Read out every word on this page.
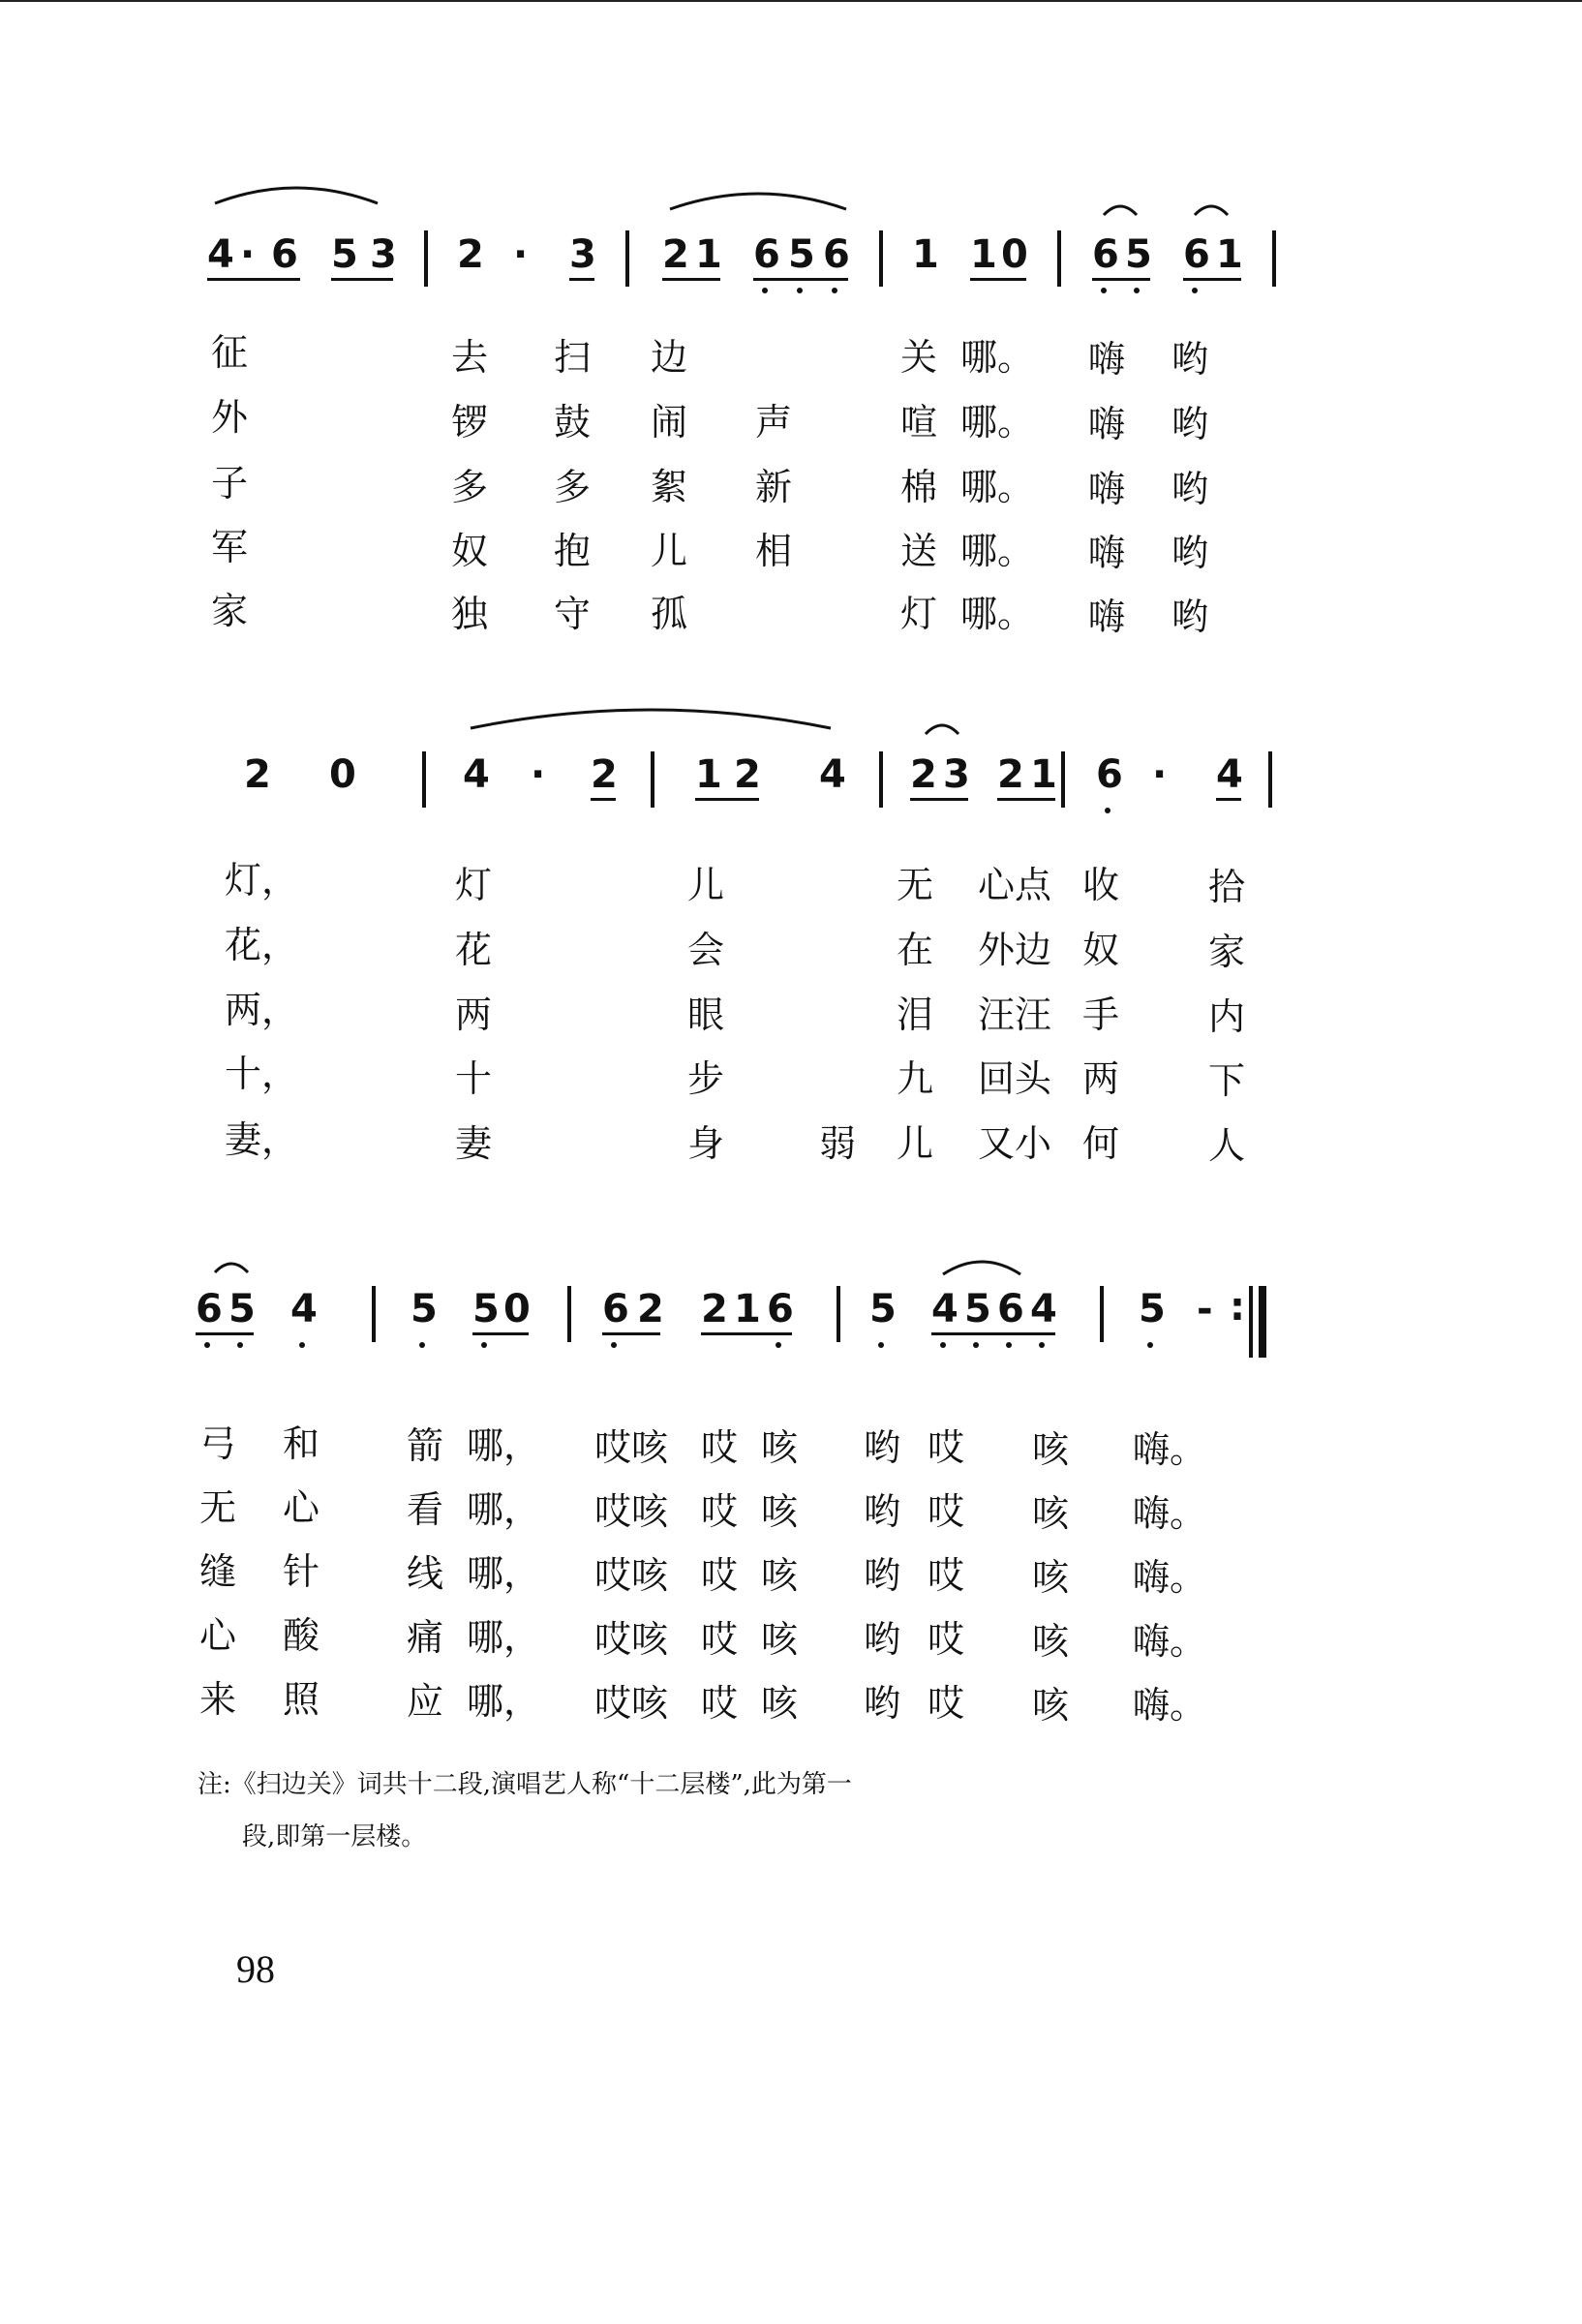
4 · 6 5 3 2 · 3 2 1 6 5 6 1 1 0 6 5 6 1
征	去 扫 边	关 哪。 嗨 哟
外	锣 鼓 闹 声	喧 哪。 嗨 哟
子	多 多 絮 新	棉 哪。 嗨 哟
军	奴 抱 儿 相	送 哪。 嗨 哟
家	独 守 孤	灯 哪。 嗨 哟
2 0	4 · 2 1 2 4 2 3 2 1 6 · 4
灯，	灯	儿	无 心点 收 拾
花，	花	会	在 外边 奴 家
两，	两	眼	泪 汪汪 手 内
十，	十	步	九 回头 两 下
妻，	妻	身	弱 儿 又小 何 人
6 5 4 5 5 0 6 2 2 1 6 5 4 5 6 4 5 - :
弓 和 箭 哪， 哎咳 哎 咳 哟 哎 咳 嗨。
无 心 看 哪， 哎咳 哎 咳 哟 哎 咳 嗨。
缝 针 线 哪， 哎咳 哎 咳 哟 哎 咳 嗨。
心 酸 痛 哪， 哎咳 哎 咳 哟 哎 咳 嗨。
来 照 应 哪， 哎咳 哎 咳 哟 哎 咳 嗨。
注:《扫边关》词共十二段,演唱艺人称“十二层楼”,此为第一
段,即第一层楼。
98
